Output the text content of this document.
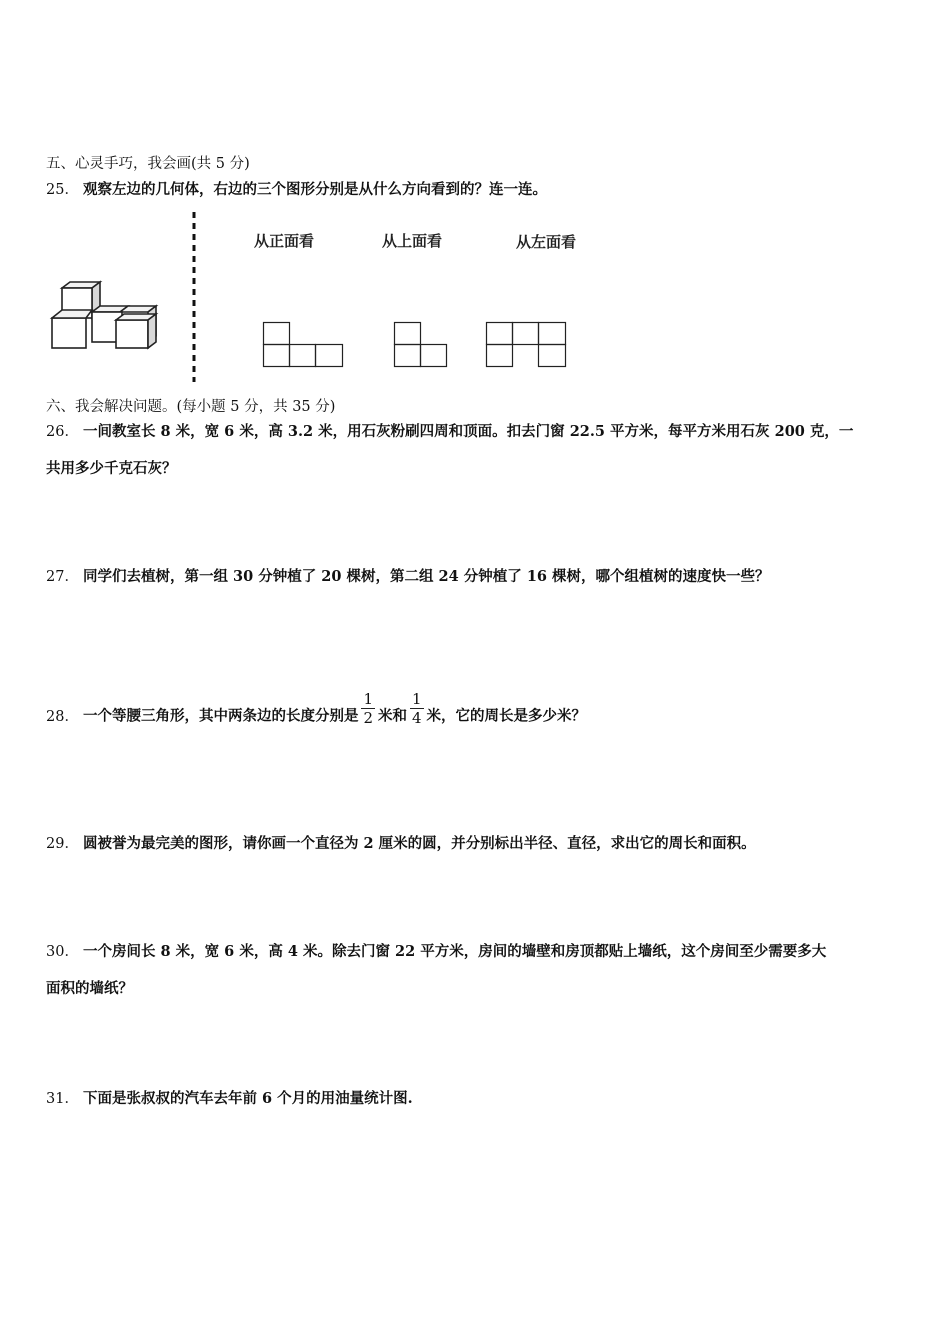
五、心灵手巧，我会画(共 5 分)
25． 观察左边的几何体，右边的三个图形分别是从什么方向看到的？连一连。
从正面看	从上面看	从左面看
六、我会解决问题。(每小题 5 分，共 35 分)
26． 一间教室长 8 米，宽 6 米，高 3.2 米，用石灰粉刷四周和顶面。扣去门窗 22.5 平方米，每平方米用石灰 200 克，一
共用多少千克石灰？
27． 同学们去植树，第一组 30 分钟植了 20 棵树，第二组 24 分钟植了 16 棵树，哪个组植树的速度快一些？
28． 一个等腰三角形，其中两条边的长度分别是 $\frac{1}{2}$ 米和 $\frac{1}{4}$ 米，它的周长是多少米？
29． 圆被誉为最完美的图形，请你画一个直径为 2 厘米的圆，并分别标出半径、直径，求出它的周长和面积。
30． 一个房间长 8 米，宽 6 米，高 4 米。除去门窗 22 平方米，房间的墙壁和房顶都贴上墙纸，这个房间至少需要多大
面积的墙纸？
31． 下面是张叔叔的汽车去年前 6 个月的用油量统计图.
